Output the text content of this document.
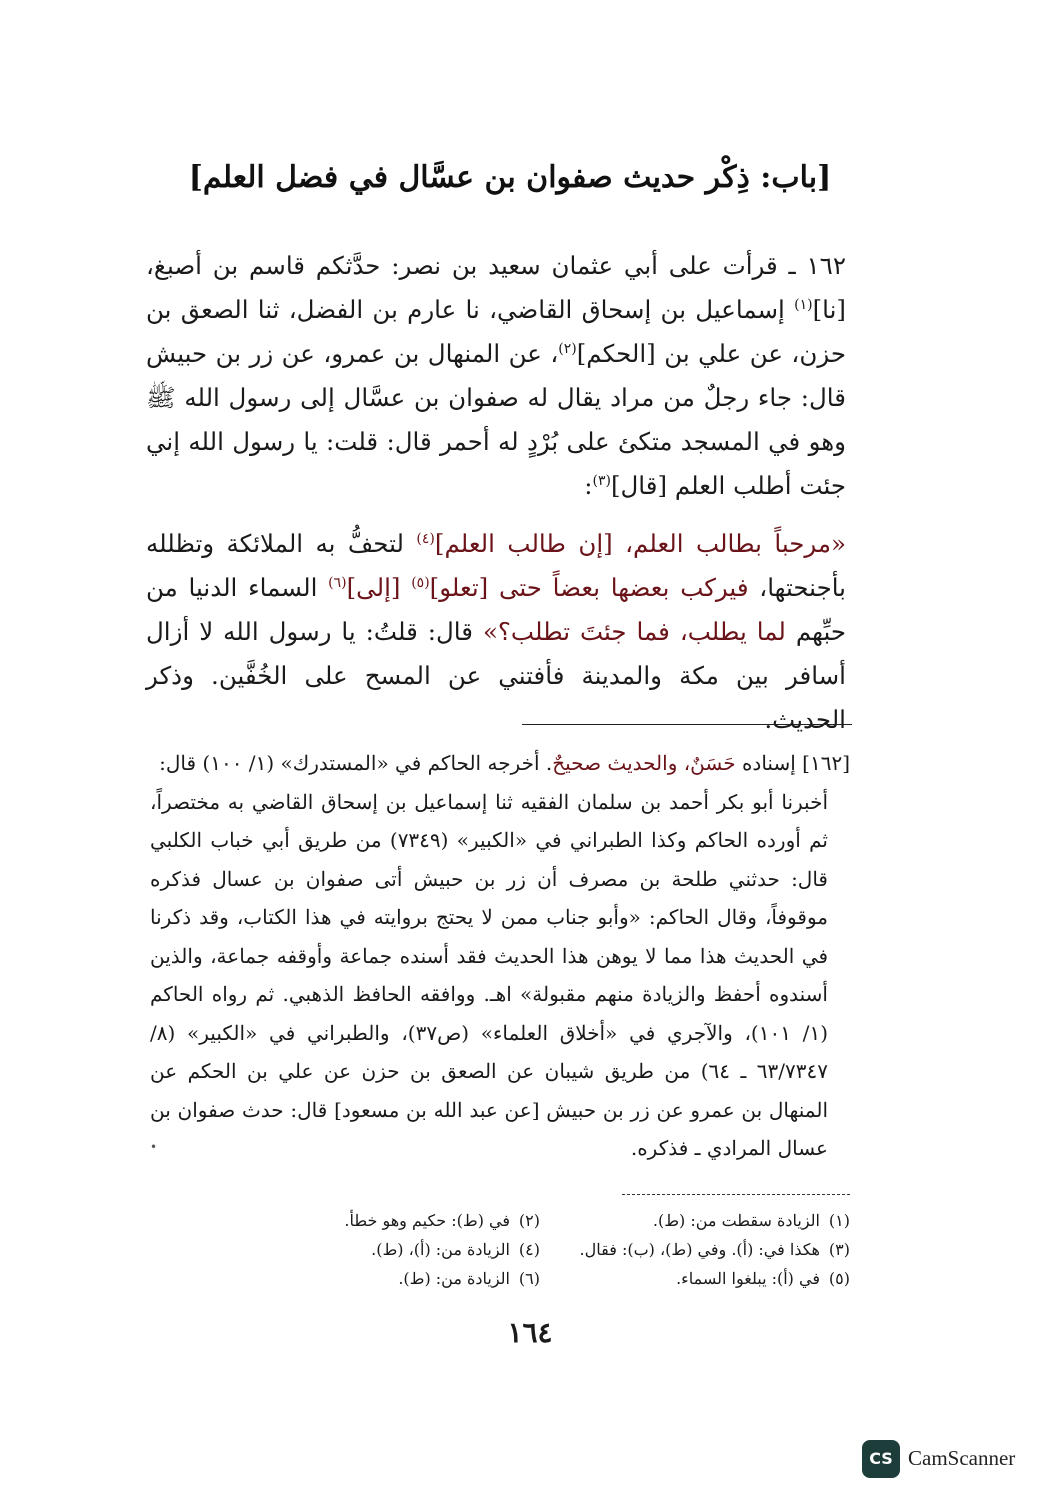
[باب: ذِكْر حديث صفوان بن عسَّال في فضل العلم]

١٦٢ ـ قرأت على أبي عثمان سعيد بن نصر: حدَّثكم قاسم بن أصبغ، [نا]$^{(١)}$ إسماعيل بن إسحاق القاضي، نا عارم بن الفضل، ثنا الصعق بن حزن، عن علي بن [الحكم]$^{(٢)}$، عن المنهال بن عمرو، عن زر بن حبيش قال: جاء رجلٌ من مراد يقال له صفوان بن عسَّال إلى رسول الله ﷺ وهو في المسجد متكئ على بُرْدٍ له أحمر قال: قلت: يا رسول الله إني جئت أطلب العلم [قال]$^{(٣)}$:

«مرحباً بطالب العلم، [إن طالب العلم]$^{(٤)}$ لتحفُّ به الملائكة وتظلله بأجنحتها، فيركب بعضها بعضاً حتى [تعلو]$^{(٥)}$ [إلى]$^{(٦)}$ السماء الدنيا من حبِّهم لما يطلب، فما جئتَ تطلب؟» قال: قلتُ: يا رسول الله لا أزال أسافر بين مكة والمدينة فأفتني عن المسح على الخُفَّين. وذكر الحديث.

[١٦٢] إسناده حَسَنٌ، والحديث صحيحٌ. أخرجه الحاكم في «المستدرك» (١/ ١٠٠) قال:

أخبرنا أبو بكر أحمد بن سلمان الفقيه ثنا إسماعيل بن إسحاق القاضي به مختصراً، ثم أورده الحاكم وكذا الطبراني في «الكبير» (٧٣٤٩) من طريق أبي خباب الكلبي قال: حدثني طلحة بن مصرف أن زر بن حبيش أتى صفوان بن عسال فذكره موقوفاً، وقال الحاكم: «وأبو جناب ممن لا يحتج بروايته في هذا الكتاب، وقد ذكرنا في الحديث هذا مما لا يوهن هذا الحديث فقد أسنده جماعة وأوقفه جماعة، والذين أسندوه أحفظ والزيادة منهم مقبولة» اهـ. ووافقه الحافظ الذهبي. ثم رواه الحاكم (١/ ١٠١)، والآجري في «أخلاق العلماء» (ص٣٧)، والطبراني في «الكبير» (٨/ ٦٣/٧٣٤٧ ـ ٦٤) من طريق شيبان عن الصعق بن حزن عن علي بن الحكم عن المنهال بن عمرو عن زر بن حبيش [عن عبد الله بن مسعود] قال: حدث صفوان بن عسال المرادي ـ فذكره.

•
(١)
الزيادة سقطت من: (ط).
(٢)
في (ط): حكيم وهو خطأ.
(٣)
هكذا في: (أ). وفي (ط)، (ب): فقال.
(٤)
الزيادة من: (أ)، (ط).
(٥)
في (أ): يبلغوا السماء.
(٦)
الزيادة من: (ط).
١٦٤
CS CamScanner
